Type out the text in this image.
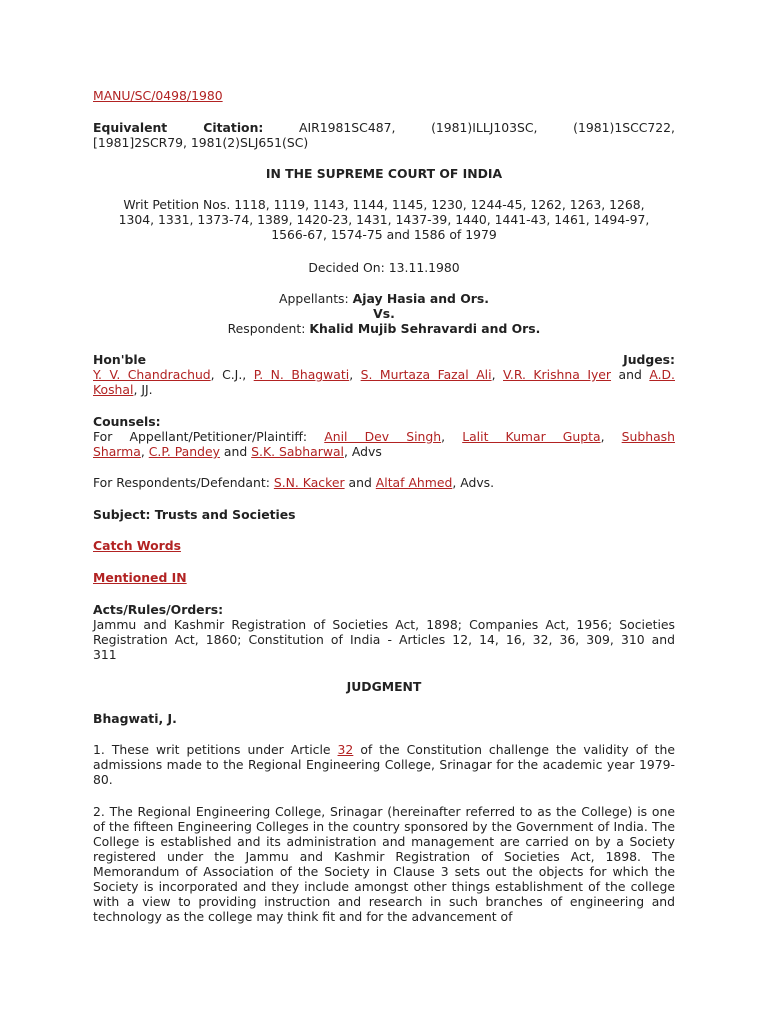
MANU/SC/0498/1980
Equivalent Citation:	AIR1981SC487, (1981)ILLJ103SC, (1981)1SCC722,
[1981]2SCR79, 1981(2)SLJ651(SC)
IN THE SUPREME COURT OF INDIA
Writ Petition Nos. 1118, 1119, 1143, 1144, 1145, 1230, 1244-45, 1262, 1263, 1268,
1304, 1331, 1373-74, 1389, 1420-23, 1431, 1437-39, 1440, 1441-43, 1461, 1494-97,
1566-67, 1574-75 and 1586 of 1979
Decided On: 13.11.1980
Appellants: Ajay Hasia and Ors.
Vs.
Respondent: Khalid Mujib Sehravardi and Ors.
Hon'ble	Judges:
Y. V. Chandrachud, C.J., P. N. Bhagwati, S. Murtaza Fazal Ali, V.R. Krishna Iyer and A.D.
Koshal, JJ.
Counsels:
For Appellant/Petitioner/Plaintiff: Anil Dev Singh, Lalit Kumar Gupta, Subhash
Sharma, C.P. Pandey and S.K. Sabharwal, Advs
For Respondents/Defendant: S.N. Kacker and Altaf Ahmed, Advs.
Subject: Trusts and Societies
Catch Words
Mentioned IN
Acts/Rules/Orders:
Jammu and Kashmir Registration of Societies Act, 1898; Companies Act, 1956; Societies
Registration Act, 1860; Constitution of India - Articles 12, 14, 16, 32, 36, 309, 310 and
311
JUDGMENT
Bhagwati, J.
1. These writ petitions under Article 32 of the Constitution challenge the validity of the admissions made to the Regional Engineering College, Srinagar for the academic year 1979-80.
2. The Regional Engineering College, Srinagar (hereinafter referred to as the College) is one of the fifteen Engineering Colleges in the country sponsored by the Government of India. The College is established and its administration and management are carried on by a Society registered under the Jammu and Kashmir Registration of Societies Act, 1898. The Memorandum of Association of the Society in Clause 3 sets out the objects for which the Society is incorporated and they include amongst other things establishment of the college with a view to providing instruction and research in such branches of engineering and technology as the college may think fit and for the advancement of
